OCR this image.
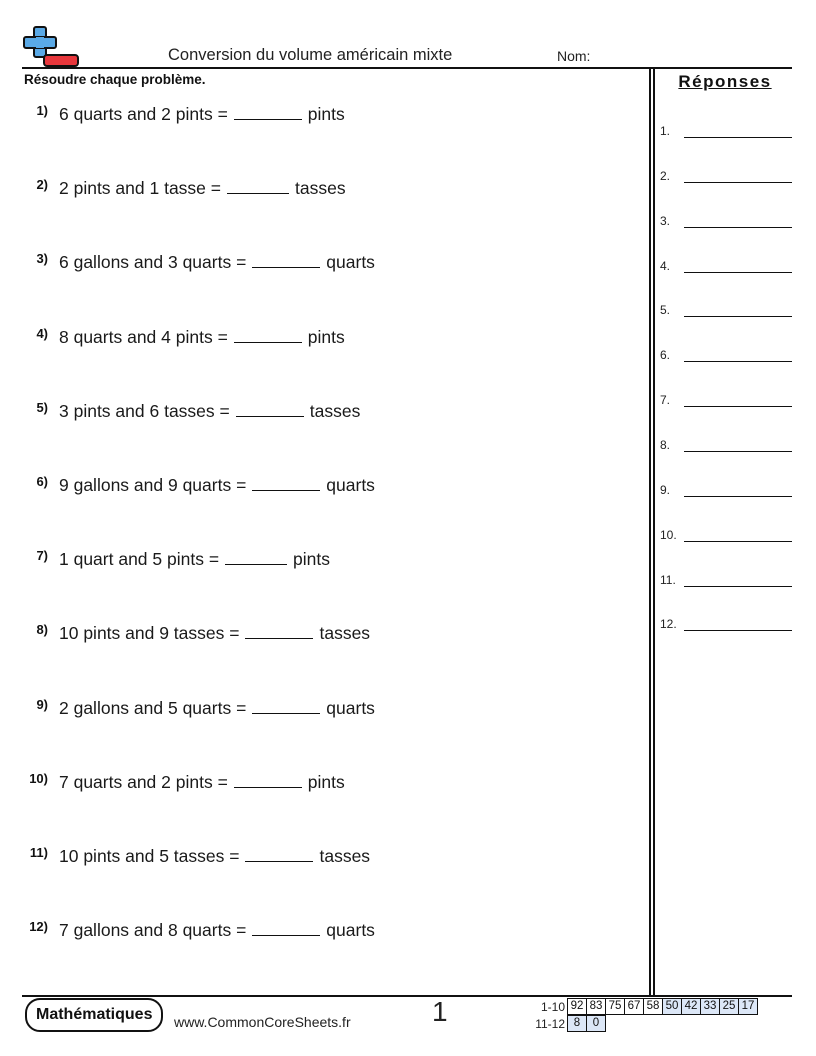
Conversion du volume américain mixte	Nom:
Résoudre chaque problème.
1) 6 quarts and 2 pints =	pints
2) 2 pints and 1 tasse =	tasses
3) 6 gallons and 3 quarts =	quarts
4) 8 quarts and 4 pints =	pints
5) 3 pints and 6 tasses =	tasses
6) 9 gallons and 9 quarts =	quarts
7) 1 quart and 5 pints =	pints
8) 10 pints and 9 tasses =	tasses
9) 2 gallons and 5 quarts =	quarts
10) 7 quarts and 2 pints =	pints
11) 10 pints and 5 tasses =	tasses
12) 7 gallons and 8 quarts =	quarts
Réponses
1.
2.
3.
4.
5.
6.
7.
8.
9.
10.
11.
12.
Mathématiques	www.CommonCoreSheets.fr	1	1-10 92 83 75 67 58 50 42 33 25 17
11-12 8	0
